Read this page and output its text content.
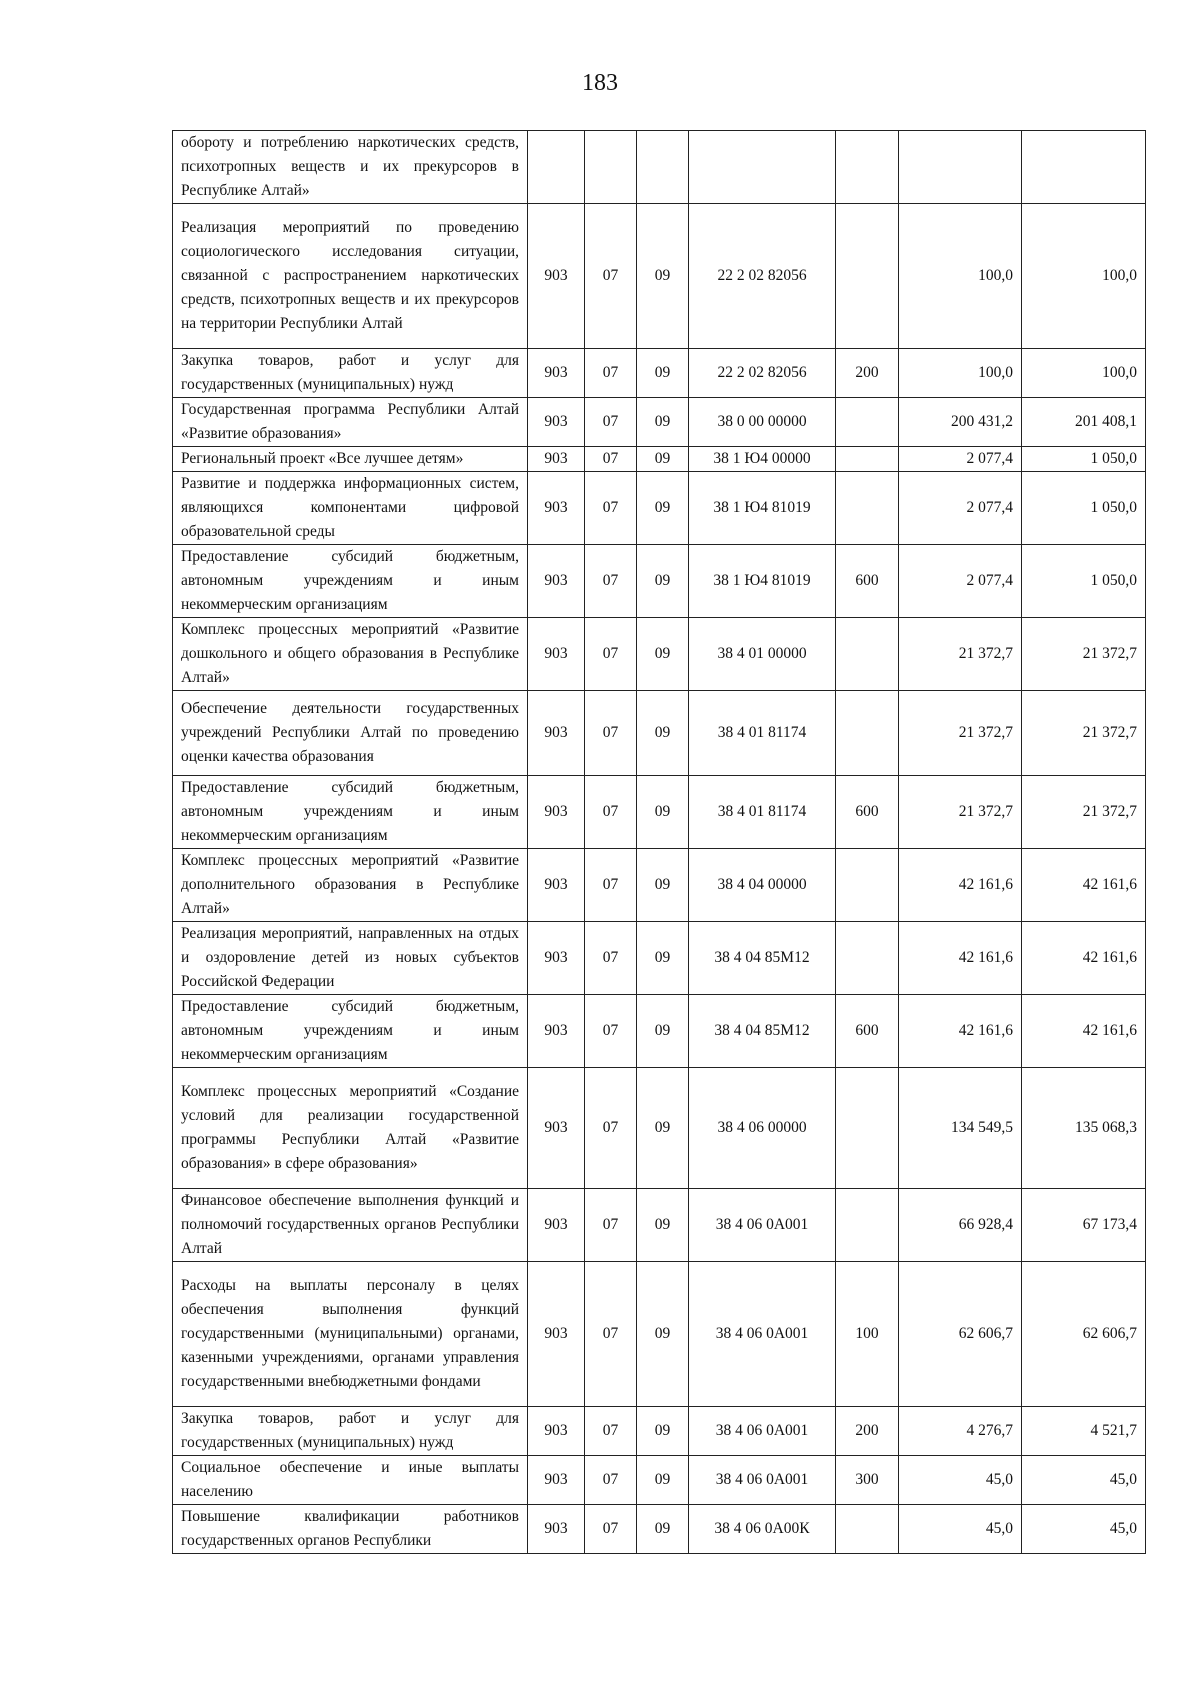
183
обороту и потреблению наркотических средств, психотропных веществ и их прекурсоров в Республике Алтай»							
Реализация мероприятий по проведению социологического исследования ситуации, связанной с распространением наркотических средств, психотропных веществ и их прекурсоров на территории Республики Алтай	903	07	09	22 2 02 82056		100,0	100,0
Закупка товаров, работ и услуг для государственных (муниципальных) нужд	903	07	09	22 2 02 82056	200	100,0	100,0
Государственная программа Республики Алтай «Развитие образования»	903	07	09	38 0 00 00000		200 431,2	201 408,1
Региональный проект «Все лучшее детям»	903	07	09	38 1 Ю4 00000		2 077,4	1 050,0
Развитие и поддержка информационных систем, являющихся компонентами цифровой образовательной среды	903	07	09	38 1 Ю4 81019		2 077,4	1 050,0
Предоставление субсидий бюджетным, автономным учреждениям и иным некоммерческим организациям	903	07	09	38 1 Ю4 81019	600	2 077,4	1 050,0
Комплекс процессных мероприятий «Развитие дошкольного и общего образования в Республике Алтай»	903	07	09	38 4 01 00000		21 372,7	21 372,7
Обеспечение деятельности государственных учреждений Республики Алтай по проведению оценки качества образования	903	07	09	38 4 01 81174		21 372,7	21 372,7
Предоставление субсидий бюджетным, автономным учреждениям и иным некоммерческим организациям	903	07	09	38 4 01 81174	600	21 372,7	21 372,7
Комплекс процессных мероприятий «Развитие дополнительного образования в Республике Алтай»	903	07	09	38 4 04 00000		42 161,6	42 161,6
Реализация мероприятий, направленных на отдых и оздоровление детей из новых субъектов Российской Федерации	903	07	09	38 4 04 85М12		42 161,6	42 161,6
Предоставление субсидий бюджетным, автономным учреждениям и иным некоммерческим организациям	903	07	09	38 4 04 85М12	600	42 161,6	42 161,6
Комплекс процессных мероприятий «Создание условий для реализации государственной программы Республики Алтай «Развитие образования» в сфере образования»	903	07	09	38 4 06 00000		134 549,5	135 068,3
Финансовое обеспечение выполнения функций и полномочий государственных органов Республики Алтай	903	07	09	38 4 06 0А001		66 928,4	67 173,4
Расходы на выплаты персоналу в целях обеспечения выполнения функций государственными (муниципальными) органами, казенными учреждениями, органами управления государственными внебюджетными фондами	903	07	09	38 4 06 0А001	100	62 606,7	62 606,7
Закупка товаров, работ и услуг для государственных (муниципальных) нужд	903	07	09	38 4 06 0А001	200	4 276,7	4 521,7
Социальное обеспечение и иные выплаты населению	903	07	09	38 4 06 0А001	300	45,0	45,0
Повышение квалификации работников государственных органов Республики	903	07	09	38 4 06 0А00К		45,0	45,0
